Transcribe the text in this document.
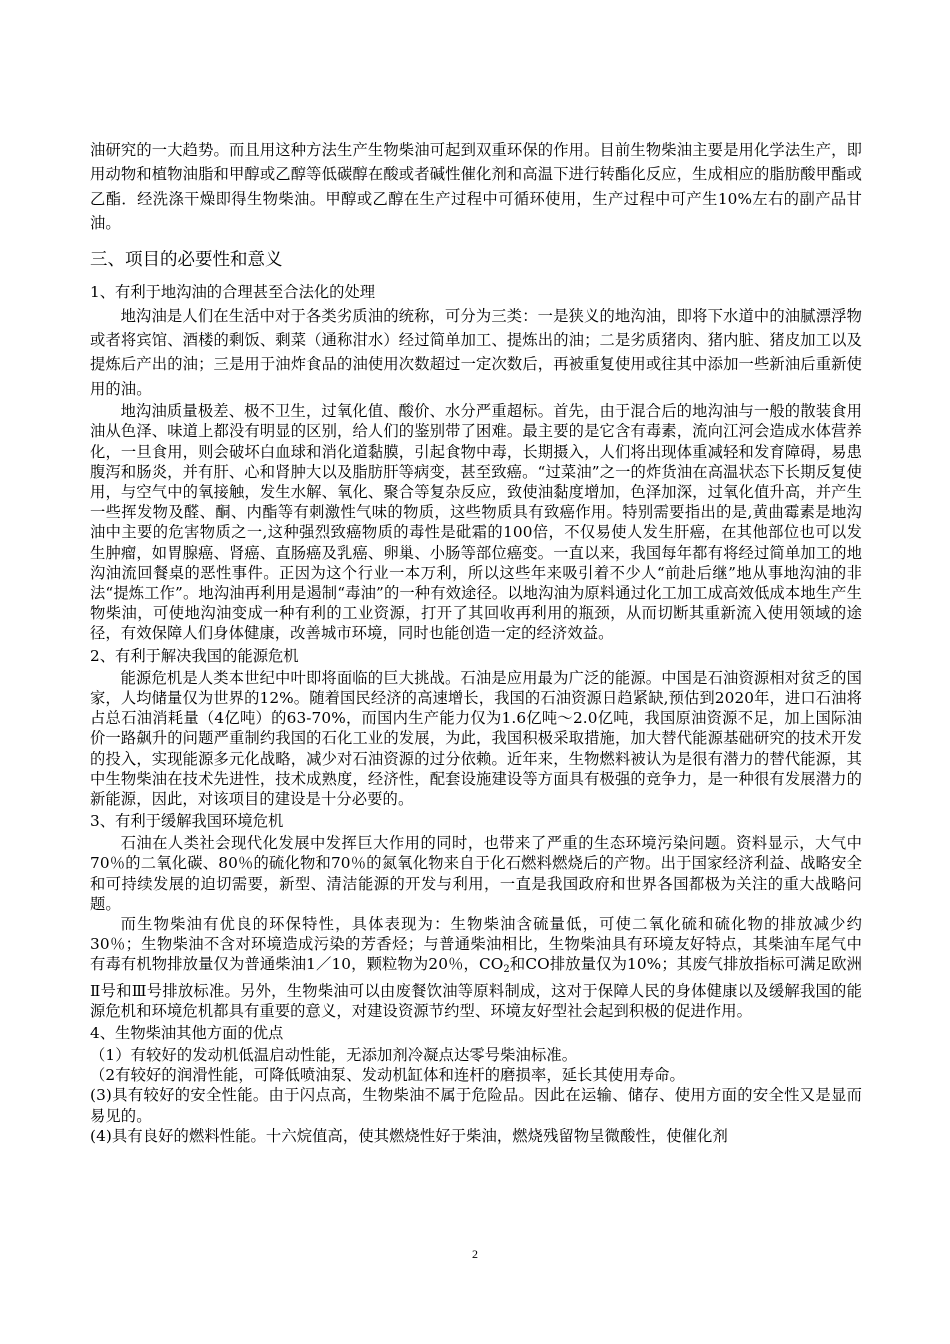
油研究的一大趋势。而且用这种方法生产生物柴油可起到双重环保的作用。目前生物柴油主要是用化学法生产，即用动物和植物油脂和甲醇或乙醇等低碳醇在酸或者碱性催化剂和高温下进行转酯化反应，生成相应的脂肪酸甲酯或乙酯．经洗涤干燥即得生物柴油。甲醇或乙醇在生产过程中可循环使用，生产过程中可产生10%左右的副产品甘油。

三、项目的必要性和意义
1、有利于地沟油的合理甚至合法化的处理

地沟油是人们在生活中对于各类劣质油的统称，可分为三类：一是狭义的地沟油，即将下水道中的油腻漂浮物或者将宾馆、酒楼的剩饭、剩菜（通称泔水）经过简单加工、提炼出的油；二是劣质猪肉、猪内脏、猪皮加工以及提炼后产出的油；三是用于油炸食品的油使用次数超过一定次数后，再被重复使用或往其中添加一些新油后重新使用的油。

地沟油质量极差、极不卫生，过氧化值、酸价、水分严重超标。首先，由于混合后的地沟油与一般的散装食用油从色泽、味道上都没有明显的区别，给人们的鉴别带了困难。最主要的是它含有毒素，流向江河会造成水体营养化，一旦食用，则会破坏白血球和消化道黏膜，引起食物中毒，长期摄入，人们将出现体重减轻和发育障碍，易患腹泻和肠炎，并有肝、心和肾肿大以及脂肪肝等病变，甚至致癌。“过菜油”之一的炸货油在高温状态下长期反复使用，与空气中的氧接触，发生水解、氧化、聚合等复杂反应，致使油黏度增加，色泽加深，过氧化值升高，并产生一些挥发物及醛、酮、内酯等有刺激性气味的物质，这些物质具有致癌作用。特别需要指出的是,黄曲霉素是地沟油中主要的危害物质之一,这种强烈致癌物质的毒性是砒霜的100倍，不仅易使人发生肝癌，在其他部位也可以发生肿瘤，如胃腺癌、肾癌、直肠癌及乳癌、卵巢、小肠等部位癌变。一直以来，我国每年都有将经过简单加工的地沟油流回餐桌的恶性事件。正因为这个行业一本万利，所以这些年来吸引着不少人“前赴后继”地从事地沟油的非法“提炼工作”。地沟油再利用是遏制“毒油”的一种有效途径。以地沟油为原料通过化工加工成高效低成本地生产生物柴油，可使地沟油变成一种有利的工业资源，打开了其回收再利用的瓶颈，从而切断其重新流入使用领域的途径，有效保障人们身体健康，改善城市环境，同时也能创造一定的经济效益。

2、有利于解决我国的能源危机

能源危机是人类本世纪中叶即将面临的巨大挑战。石油是应用最为广泛的能源。中国是石油资源相对贫乏的国家，人均储量仅为世界的12%。随着国民经济的高速增长，我国的石油资源日趋紧缺,预估到2020年，进口石油将占总石油消耗量（4亿吨）的63-70%，而国内生产能力仅为1.6亿吨～2.0亿吨，我国原油资源不足，加上国际油价一路飙升的问题严重制约我国的石化工业的发展，为此，我国积极采取措施，加大替代能源基础研究的技术开发的投入，实现能源多元化战略，减少对石油资源的过分依赖。近年来，生物燃料被认为是很有潜力的替代能源，其中生物柴油在技术先进性，技术成熟度，经济性，配套设施建设等方面具有极强的竞争力，是一种很有发展潜力的新能源，因此，对该项目的建设是十分必要的。

3、有利于缓解我国环境危机

石油在人类社会现代化发展中发挥巨大作用的同时，也带来了严重的生态环境污染问题。资料显示，大气中70％的二氧化碳、80％的硫化物和70％的氮氧化物来自于化石燃料燃烧后的产物。出于国家经济利益、战略安全和可持续发展的迫切需要，新型、清洁能源的开发与利用，一直是我国政府和世界各国都极为关注的重大战略问题。

而生物柴油有优良的环保特性，具体表现为：生物柴油含硫量低，可使二氧化硫和硫化物的排放减少约30％；生物柴油不含对环境造成污染的芳香烃；与普通柴油相比，生物柴油具有环境友好特点，其柴油车尾气中有毒有机物排放量仅为普通柴油1／10，颗粒物为20％，$CO_2$和CO排放量仅为10%；其废气排放指标可满足欧洲Ⅱ号和Ⅲ号排放标准。另外，生物柴油可以由废餐饮油等原料制成，这对于保障人民的身体健康以及缓解我国的能源危机和环境危机都具有重要的意义，对建设资源节约型、环境友好型社会起到积极的促进作用。

4、生物柴油其他方面的优点

（1）有较好的发动机低温启动性能，无添加剂冷凝点达零号柴油标准。

（2有较好的润滑性能，可降低喷油泵、发动机缸体和连杆的磨损率，延长其使用寿命。

(3)具有较好的安全性能。由于闪点高，生物柴油不属于危险品。因此在运输、储存、使用方面的安全性又是显而易见的。

(4)具有良好的燃料性能。十六烷值高，使其燃烧性好于柴油，燃烧残留物呈微酸性，使催化剂

2
